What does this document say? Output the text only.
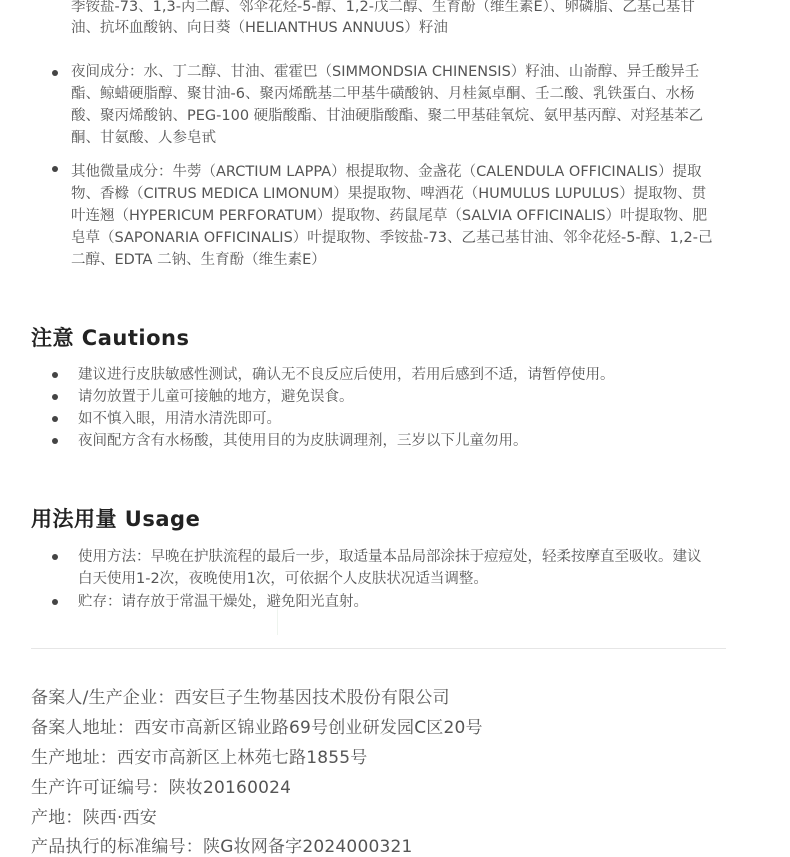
季铵盐-73、1,3-丙二醇、邻伞花烃-5-醇、1,2-戊二醇、生育酚（维生素E）、卵磷脂、乙基己基甘
油、抗坏血酸钠、向日葵（HELIANTHUS ANNUUS）籽油
夜间成分：水、丁二醇、甘油、霍霍巴（SIMMONDSIA CHINENSIS）籽油、山嵛醇、异壬酸异壬
酯、鲸蜡硬脂醇、聚甘油-6、聚丙烯酰基二甲基牛磺酸钠、月桂氮卓酮、壬二酸、乳铁蛋白、水杨
酸、聚丙烯酸钠、PEG-100 硬脂酸酯、甘油硬脂酸酯、聚二甲基硅氧烷、氨甲基丙醇、对羟基苯乙
酮、甘氨酸、人参皂甙
其他微量成分：牛蒡（ARCTIUM LAPPA）根提取物、金盏花（CALENDULA OFFICINALIS）提取
物、香橼（CITRUS MEDICA LIMONUM）果提取物、啤酒花（HUMULUS LUPULUS）提取物、贯
叶连翘（HYPERICUM PERFORATUM）提取物、药鼠尾草（SALVIA OFFICINALIS）叶提取物、肥
皂草（SAPONARIA OFFICINALIS）叶提取物、季铵盐-73、乙基己基甘油、邻伞花烃-5-醇、1,2-己
二醇、EDTA 二钠、生育酚（维生素E）
注意 Cautions
建议进行皮肤敏感性测试，确认无不良反应后使用，若用后感到不适，请暂停使用。
请勿放置于儿童可接触的地方，避免误食。
如不慎入眼，用清水清洗即可。
夜间配方含有水杨酸，其使用目的为皮肤调理剂，三岁以下儿童勿用。
用法用量 Usage
使用方法：早晚在护肤流程的最后一步，取适量本品局部涂抹于痘痘处，轻柔按摩直至吸收。建议
白天使用1-2次，夜晚使用1次，可依据个人皮肤状况适当调整。
贮存：请存放于常温干燥处，避免阳光直射。
备案人/生产企业：西安巨子生物基因技术股份有限公司
备案人地址：西安市高新区锦业路69号创业研发园C区20号
生产地址：西安市高新区上林苑七路1855号
生产许可证编号：陕妆20160024
产地：陕西·西安
产品执行的标准编号：陕G妆网备字2024000321
